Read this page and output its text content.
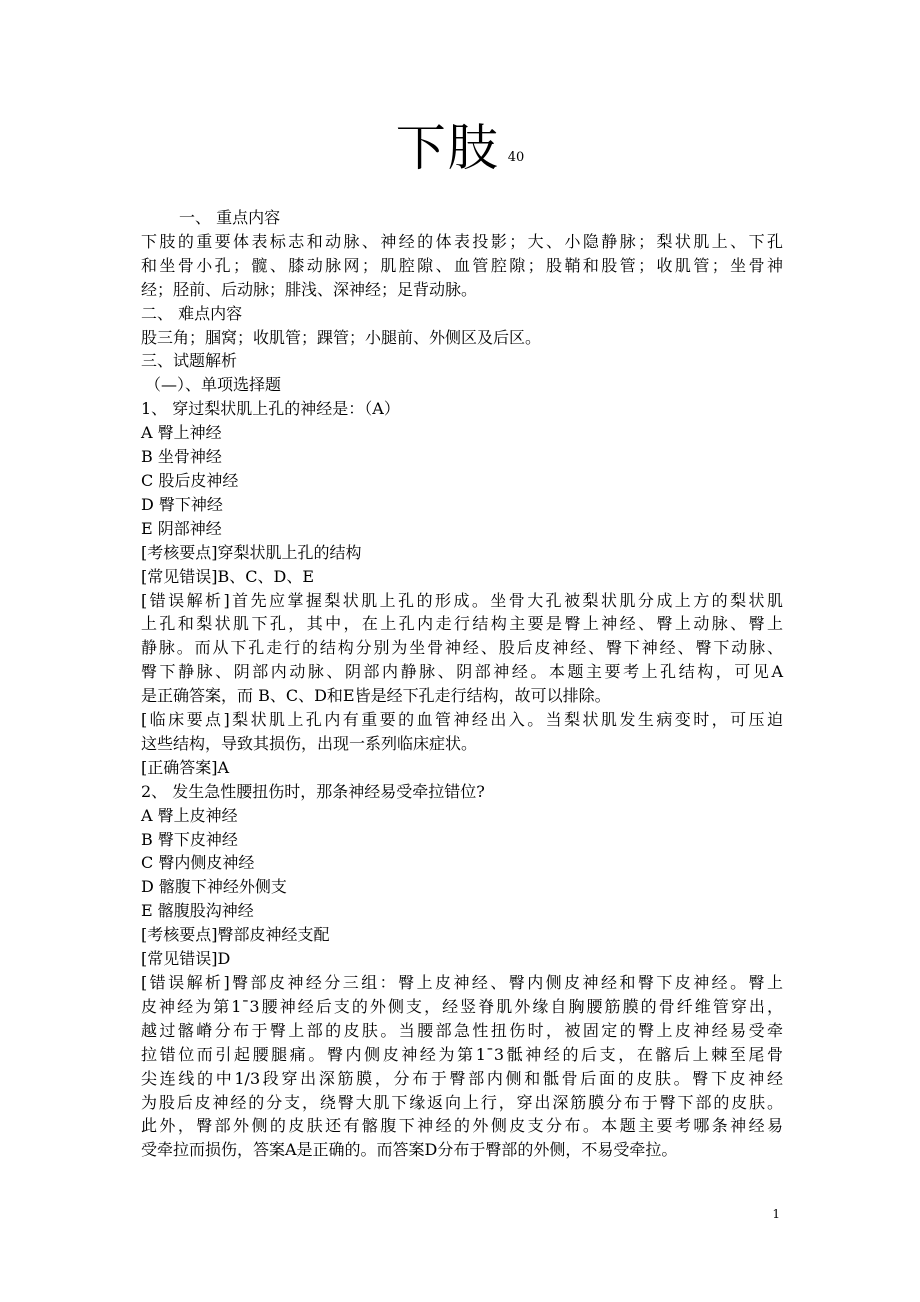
下肢 $^{40}$
一、 重点内容
下肢的重要体表标志和动脉、神经的体表投影；大、小隐静脉；梨状肌上、下孔
和坐骨小孔；髋、膝动脉网；肌腔隙、血管腔隙；股鞘和股管；收肌管；坐骨神
经；胫前、后动脉；腓浅、深神经；足背动脉。
二、 难点内容
股三角；腘窝；收肌管；踝管；小腿前、外侧区及后区。
三、试题解析
（—）、单项选择题
1、 穿过梨状肌上孔的神经是：（A）
A 臀上神经
B 坐骨神经
C 股后皮神经
D 臀下神经
E 阴部神经
[考核要点]穿梨状肌上孔的结构
[常见错误]B、C、D、E
[错误解析]首先应掌握梨状肌上孔的形成。坐骨大孔被梨状肌分成上方的梨状肌
上孔和梨状肌下孔，其中，在上孔内走行结构主要是臀上神经、臀上动脉、臀上
静脉。而从下孔走行的结构分别为坐骨神经、股后皮神经、臀下神经、臀下动脉、
臀下静脉、阴部内动脉、阴部内静脉、阴部神经。本题主要考上孔结构，可见A
是正确答案，而 B、C、D和E皆是经下孔走行结构，故可以排除。
[临床要点]梨状肌上孔内有重要的血管神经出入。当梨状肌发生病变时，可压迫
这些结构，导致其损伤，出现一系列临床症状。
[正确答案]A
2、 发生急性腰扭伤时，那条神经易受牵拉错位?
A 臀上皮神经
B 臀下皮神经
C 臀内侧皮神经
D 髂腹下神经外侧支
E 髂腹股沟神经
[考核要点]臀部皮神经支配
[常见错误]D
[错误解析]臀部皮神经分三组：臀上皮神经、臀内侧皮神经和臀下皮神经。臀上
皮神经为第1¯3腰神经后支的外侧支，经竖脊肌外缘自胸腰筋膜的骨纤维管穿出，
越过髂嵴分布于臀上部的皮肤。当腰部急性扭伤时，被固定的臀上皮神经易受牵
拉错位而引起腰腿痛。臀内侧皮神经为第1¯3骶神经的后支，在髂后上棘至尾骨
尖连线的中1/3段穿出深筋膜，分布于臀部内侧和骶骨后面的皮肤。臀下皮神经
为股后皮神经的分支，绕臀大肌下缘返向上行，穿出深筋膜分布于臀下部的皮肤。
此外，臀部外侧的皮肤还有髂腹下神经的外侧皮支分布。本题主要考哪条神经易
受牵拉而损伤，答案A是正确的。而答案D分布于臀部的外侧，不易受牵拉。
1
